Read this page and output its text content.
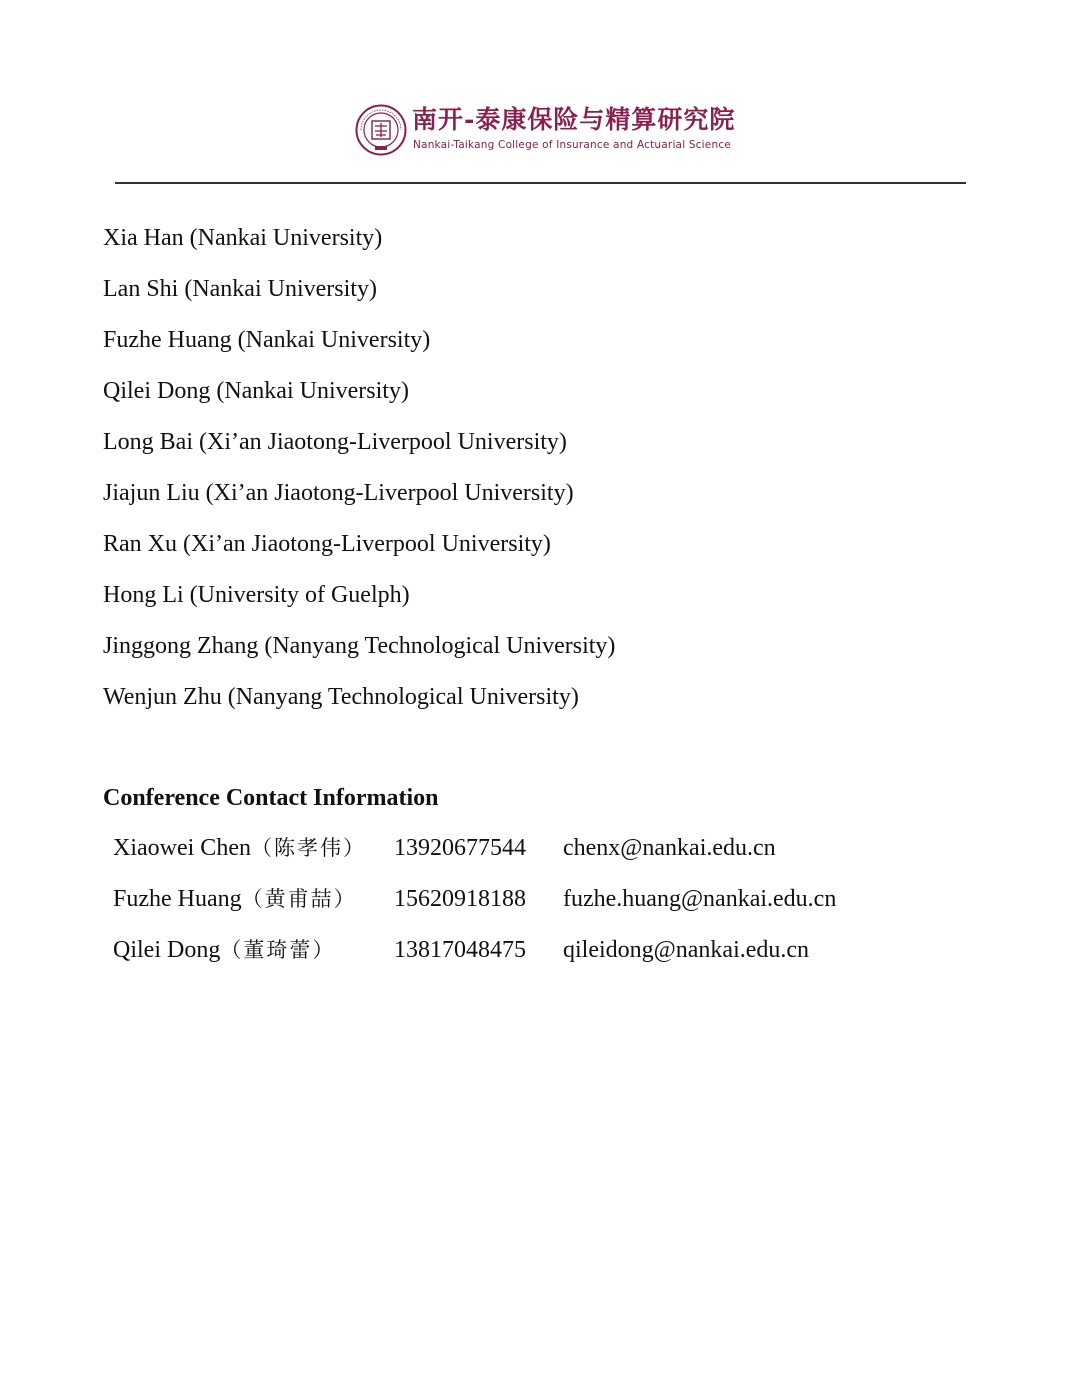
南开-泰康保险与精算研究院
Nankai-Taikang College of Insurance and Actuarial Science
Xia Han (Nankai University)
Lan Shi (Nankai University)
Fuzhe Huang (Nankai University)
Qilei Dong (Nankai University)
Long Bai (Xi’an Jiaotong-Liverpool University)
Jiajun Liu (Xi’an Jiaotong-Liverpool University)
Ran Xu (Xi’an Jiaotong-Liverpool University)
Hong Li (University of Guelph)
Jinggong Zhang (Nanyang Technological University)
Wenjun Zhu (Nanyang Technological University)
Conference Contact Information
Xiaowei Chen（陈孝伟） 13920677544 chenx@nankai.edu.cn
Fuzhe Huang（黄甫喆） 15620918188 fuzhe.huang@nankai.edu.cn
Qilei Dong（董琦蕾） 13817048475 qileidong@nankai.edu.cn
